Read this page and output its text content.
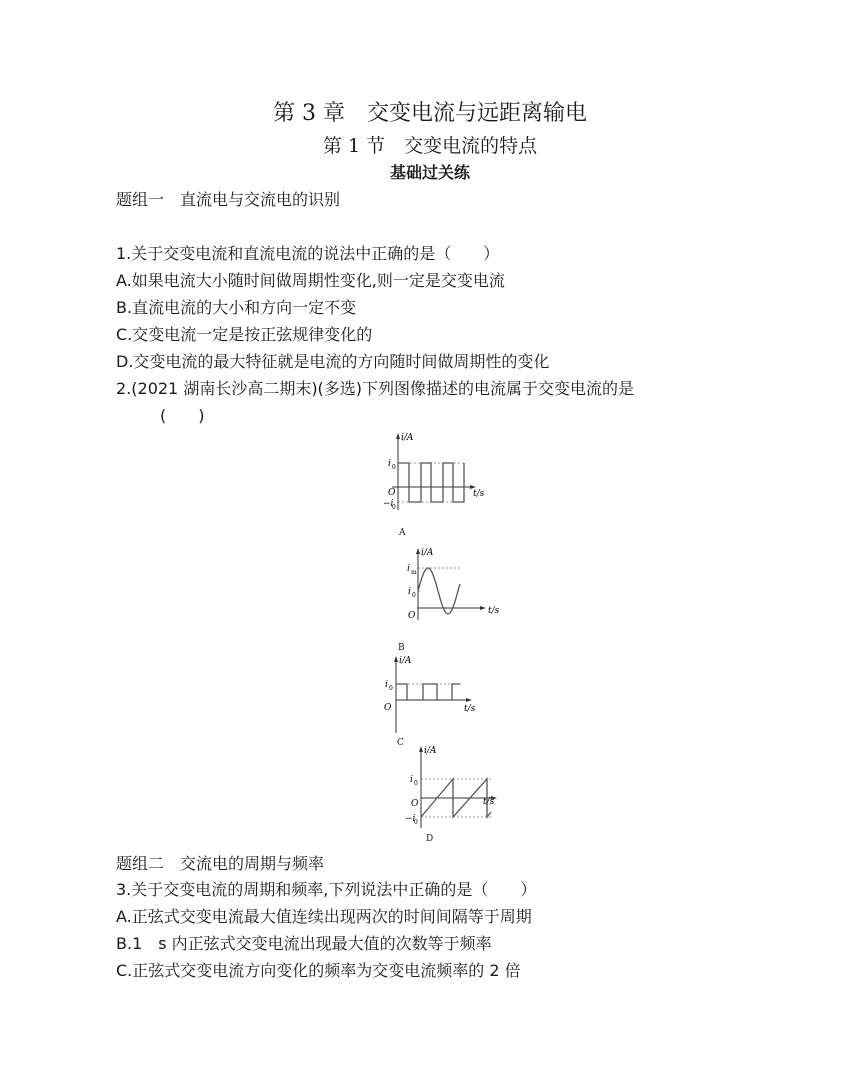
第 3 章　交变电流与远距离输电
第 1 节　交变电流的特点
基础过关练
题组一　直流电与交流电的识别
1.关于交变电流和直流电流的说法中正确的是（　　）
A.如果电流大小随时间做周期性变化,则一定是交变电流
B.直流电流的大小和方向一定不变
C.交变电流一定是按正弦规律变化的
D.交变电流的最大特征就是电流的方向随时间做周期性的变化
2.(2021 湖南长沙高二期末)(多选)下列图像描述的电流属于交变电流的是
(　　)
i/A
t/s
O
i 0
−i
0
A
i/A
t/s
O
i m
i 0
B
i/A
t/s
O
i 0
C
i/A
t/s
O
i 0
−i
0
D
题组二　交流电的周期与频率
3.关于交变电流的周期和频率,下列说法中正确的是（　　）
A.正弦式交变电流最大值连续出现两次的时间间隔等于周期
B.1　s 内正弦式交变电流出现最大值的次数等于频率
C.正弦式交变电流方向变化的频率为交变电流频率的 2 倍
